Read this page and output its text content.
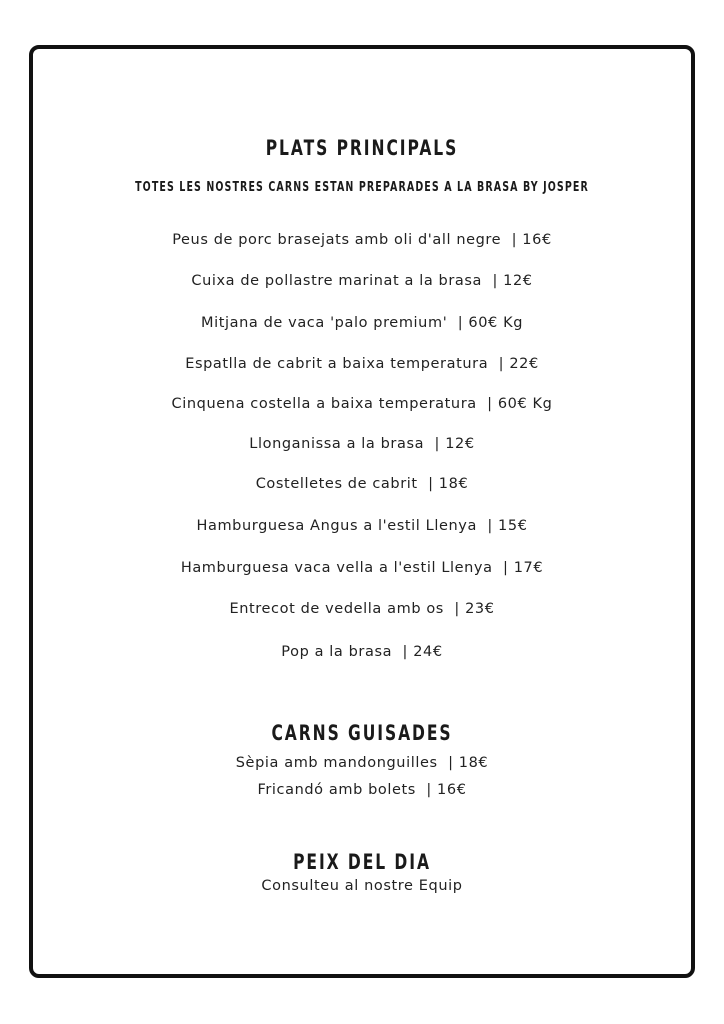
PLATS PRINCIPALS
TOTES LES NOSTRES CARNS ESTAN PREPARADES A LA BRASA BY JOSPER
Peus de porc brasejats amb oli d'all negre  | 16€
Cuixa de pollastre marinat a la brasa  | 12€
Mitjana de vaca 'palo premium'  | 60€ Kg
Espatlla de cabrit a baixa temperatura  | 22€
Cinquena costella a baixa temperatura  | 60€ Kg
Llonganissa a la brasa  | 12€
Costelletes de cabrit  | 18€
Hamburguesa Angus a l'estil Llenya  | 15€
Hamburguesa vaca vella a l'estil Llenya  | 17€
Entrecot de vedella amb os  | 23€
Pop a la brasa  | 24€
CARNS GUISADES
Sèpia amb mandonguilles  | 18€
Fricandó amb bolets  | 16€
PEIX DEL DIA
Consulteu al nostre Equip
